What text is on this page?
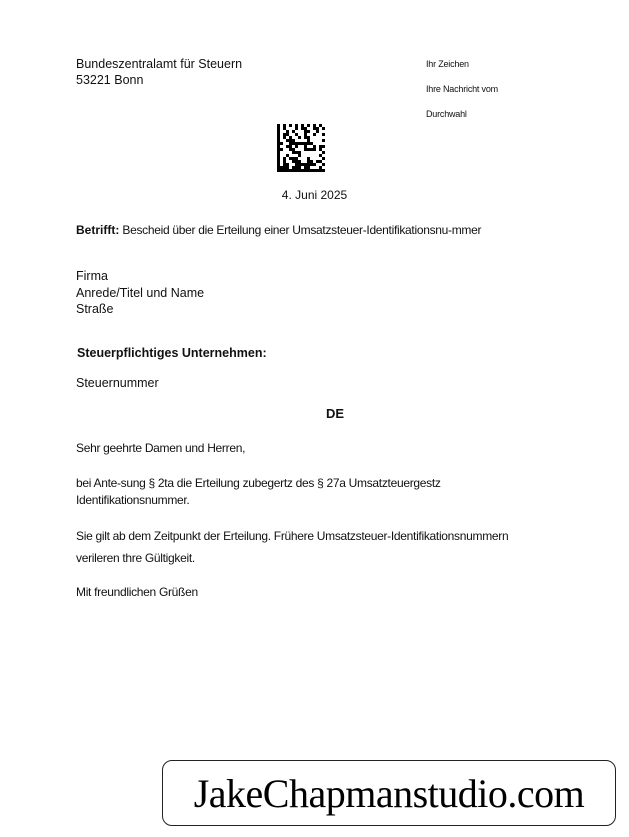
Bundeszentralamt für Steuern
53221 Bonn
Ihr Zeichen
Ihre Nachricht vom
Durchwahl
4. Juni 2025
Betrifft: Bescheid über die Erteilung einer Umsatzsteuer-Identifikationsnu-mmer
Firma
Anrede/Titel und Name
Straße
Steuerpflichtiges Unternehmen:
Steuernummer
DE
Sehr geehrte Damen und Herren,
bei Ante-sung § 2ta die Erteilung zubegertz des § 27a Umsatzteuergestz Identifikationsnummer.
Sie gilt ab dem Zeitpunkt der Erteilung. Frühere Umsatzsteuer-Identifikationsnummern verileren thre Gültigkeit.
Mit freundlichen Grüßen
JakeChapmanstudio.com
